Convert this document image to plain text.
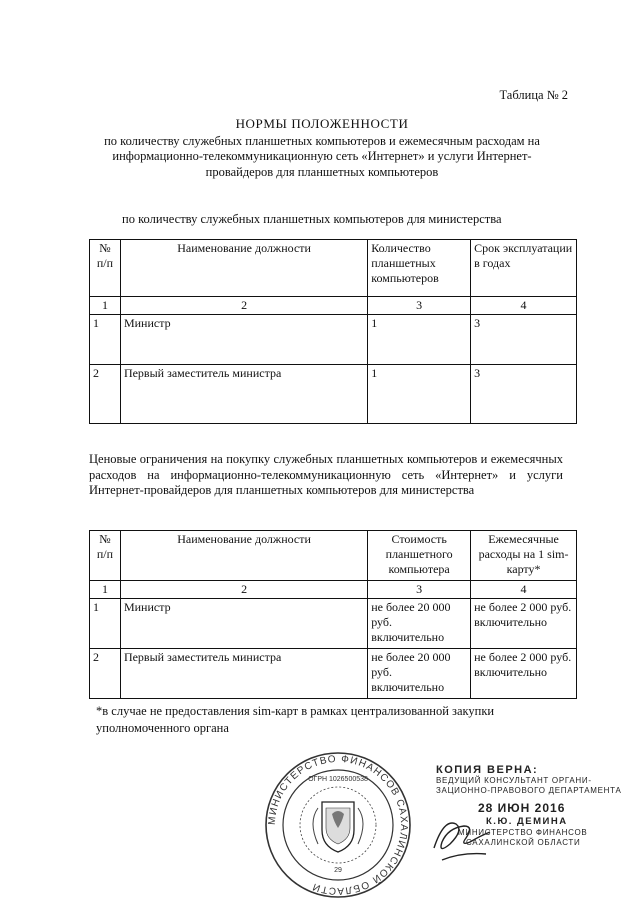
Таблица № 2
НОРМЫ ПОЛОЖЕННОСТИ
по количеству служебных планшетных компьютеров и ежемесячным расходам на информационно-телекоммуникационную сеть «Интернет» и услуги Интернет-провайдеров для планшетных компьютеров
по количеству служебных планшетных компьютеров для министерства
№ п/п	Наименование должности	Количество планшетных компьютеров	Срок эксплуатации в годах
1	2	3	4
1	Министр	1	3
2	Первый заместитель министра	1	3
Ценовые ограничения на покупку служебных планшетных компьютеров и ежемесячных расходов на информационно-телекоммуникационную сеть «Интернет» и услуги Интернет-провайдеров для планшетных компьютеров для министерства
№ п/п	Наименование должности	Стоимость планшетного компьютера	Ежемесячные расходы на 1 sim-карту*
1	2	3	4
1	Министр	не более 20 000 руб. включительно	не более 2 000 руб. включительно
2	Первый заместитель министра	не более 20 000 руб. включительно	не более 2 000 руб. включительно
*в случае не предоставления sim-карт в рамках централизованной закупки уполномоченного органа
МИНИСТЕРСТВО ФИНАНСОВ САХАЛИНСКОЙ ОБЛАСТИ
ОГРН 1026500538
29
КОПИЯ ВЕРНА:
ВЕДУЩИЙ КОНСУЛЬТАНТ ОРГАНИ-
ЗАЦИОННО-ПРАВОВОГО ДЕПАРТАМЕНТА
28 ИЮН 2016
К.Ю. ДЕМИНА
МИНИСТЕРСТВО ФИНАНСОВ
САХАЛИНСКОЙ ОБЛАСТИ
